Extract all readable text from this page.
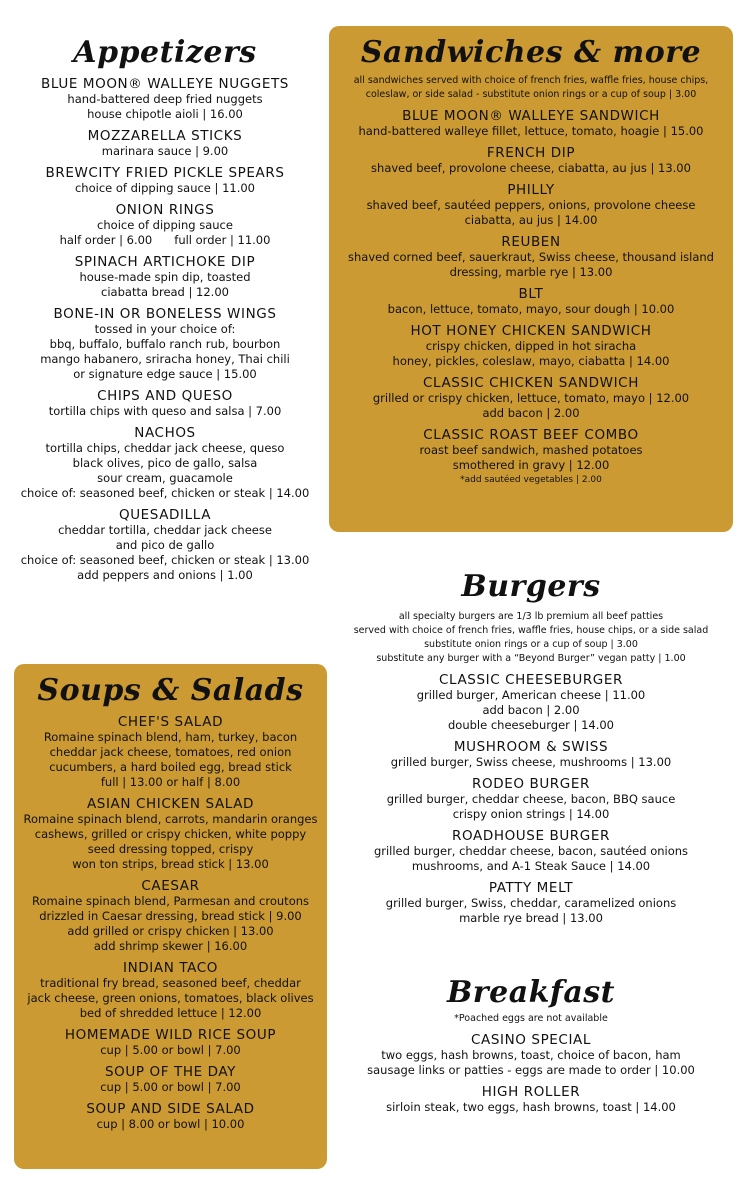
Appetizers
BLUE MOON® WALLEYE NUGGETS
hand-battered deep fried nuggets
house chipotle aioli | 16.00
MOZZARELLA STICKS
marinara sauce | 9.00
BREWCITY FRIED PICKLE SPEARS
choice of dipping sauce | 11.00
ONION RINGS
choice of dipping sauce
half order | 6.00 full order | 11.00
SPINACH ARTICHOKE DIP
house-made spin dip, toasted
ciabatta bread | 12.00
BONE-IN OR BONELESS WINGS
tossed in your choice of:
bbq, buffalo, buffalo ranch rub, bourbon
mango habanero, sriracha honey, Thai chili
or signature edge sauce | 15.00
CHIPS AND QUESO
tortilla chips with queso and salsa | 7.00
NACHOS
tortilla chips, cheddar jack cheese, queso
black olives, pico de gallo, salsa
sour cream, guacamole
choice of: seasoned beef, chicken or steak | 14.00
QUESADILLA
cheddar tortilla, cheddar jack cheese
and pico de gallo
choice of: seasoned beef, chicken or steak | 13.00
add peppers and onions | 1.00
Sandwiches & more
all sandwiches served with choice of french fries, waffle fries, house chips,
coleslaw, or side salad - substitute onion rings or a cup of soup | 3.00
BLUE MOON® WALLEYE SANDWICH
hand-battered walleye fillet, lettuce, tomato, hoagie | 15.00
FRENCH DIP
shaved beef, provolone cheese, ciabatta, au jus | 13.00
PHILLY
shaved beef, sautéed peppers, onions, provolone cheese
ciabatta, au jus | 14.00
REUBEN
shaved corned beef, sauerkraut, Swiss cheese, thousand island
dressing, marble rye | 13.00
BLT
bacon, lettuce, tomato, mayo, sour dough | 10.00
HOT HONEY CHICKEN SANDWICH
crispy chicken, dipped in hot siracha
honey, pickles, coleslaw, mayo, ciabatta | 14.00
CLASSIC CHICKEN SANDWICH
grilled or crispy chicken, lettuce, tomato, mayo | 12.00
add bacon | 2.00
CLASSIC ROAST BEEF COMBO
roast beef sandwich, mashed potatoes
smothered in gravy | 12.00
*add sautéed vegetables | 2.00
Burgers
all specialty burgers are 1/3 lb premium all beef patties
served with choice of french fries, waffle fries, house chips, or a side salad
substitute onion rings or a cup of soup | 3.00
substitute any burger with a “Beyond Burger” vegan patty | 1.00
CLASSIC CHEESEBURGER
grilled burger, American cheese | 11.00
add bacon | 2.00
double cheeseburger | 14.00
MUSHROOM & SWISS
grilled burger, Swiss cheese, mushrooms | 13.00
RODEO BURGER
grilled burger, cheddar cheese, bacon, BBQ sauce
crispy onion strings | 14.00
ROADHOUSE BURGER
grilled burger, cheddar cheese, bacon, sautéed onions
mushrooms, and A-1 Steak Sauce | 14.00
PATTY MELT
grilled burger, Swiss, cheddar, caramelized onions
marble rye bread | 13.00
Breakfast
*Poached eggs are not available
CASINO SPECIAL
two eggs, hash browns, toast, choice of bacon, ham
sausage links or patties - eggs are made to order | 10.00
HIGH ROLLER
sirloin steak, two eggs, hash browns, toast | 14.00
Soups & Salads
CHEF'S SALAD
Romaine spinach blend, ham, turkey, bacon
cheddar jack cheese, tomatoes, red onion
cucumbers, a hard boiled egg, bread stick
full | 13.00 or half | 8.00
ASIAN CHICKEN SALAD
Romaine spinach blend, carrots, mandarin oranges
cashews, grilled or crispy chicken, white poppy
seed dressing topped, crispy
won ton strips, bread stick | 13.00
CAESAR
Romaine spinach blend, Parmesan and croutons
drizzled in Caesar dressing, bread stick | 9.00
add grilled or crispy chicken | 13.00
add shrimp skewer | 16.00
INDIAN TACO
traditional fry bread, seasoned beef, cheddar
jack cheese, green onions, tomatoes, black olives
bed of shredded lettuce | 12.00
HOMEMADE WILD RICE SOUP
cup | 5.00 or bowl | 7.00
SOUP OF THE DAY
cup | 5.00 or bowl | 7.00
SOUP AND SIDE SALAD
cup | 8.00 or bowl | 10.00
